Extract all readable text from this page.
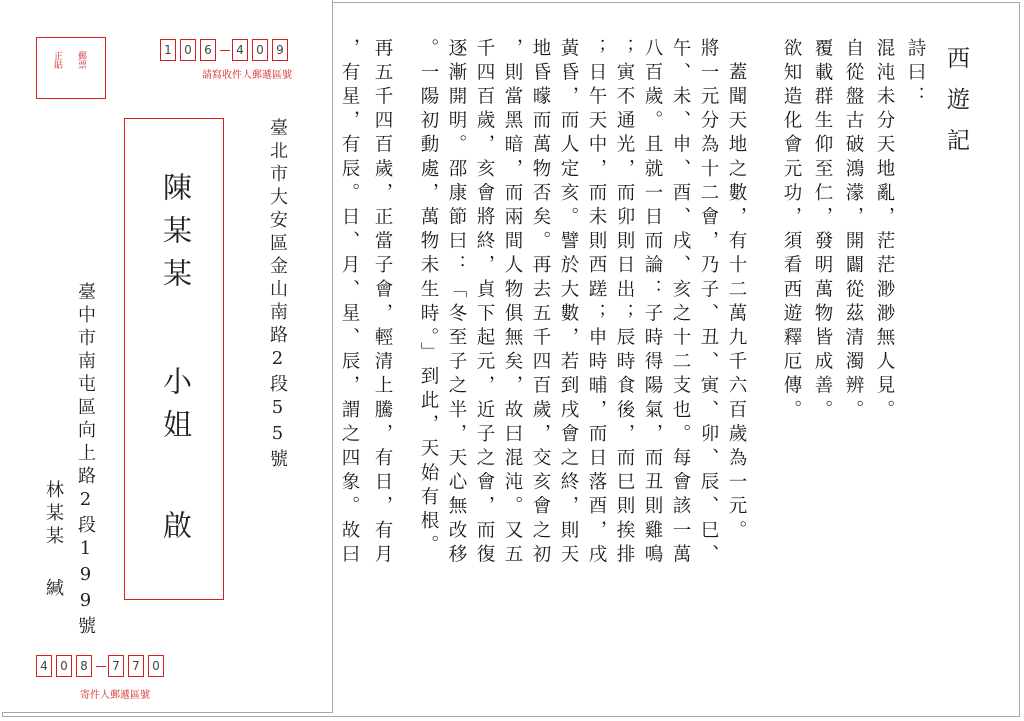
郵票
正貼
1	0	6	4	0	9
請寫收件人郵遞區號
臺北市大安區金山南路2段55號
陳某某
小姐
啟
臺中市南屯區向上路2段199號
林某某
緘
4	0	8	7	7	0
寄件人郵遞區號
西遊記
詩曰：
混沌未分天地亂，茫茫渺渺無人見。
自從盤古破鴻濛，開闢從茲清濁辨。
覆載群生仰至仁，發明萬物皆成善。
欲知造化會元功，須看西遊釋厄傳。
　蓋聞天地之數，有十二萬九千六百歲為一元。
將一元分為十二會，乃子、丑、寅、卯、辰、巳、
午、未、申、酉、戌、亥之十二支也。每會該一萬
八百歲。且就一日而論：子時得陽氣，而丑則雞鳴
；寅不通光，而卯則日出；辰時食後，而巳則挨排
；日午天中，而未則西蹉；申時晡，而日落酉，戌
黃昏，而人定亥。譬於大數，若到戌會之終，則天
地昏曚而萬物否矣。再去五千四百歲，交亥會之初
，則當黑暗，而兩間人物俱無矣，故曰混沌。又五
千四百歲，亥會將終，貞下起元，近子之會，而復
逐漸開明。邵康節曰：「冬至子之半，天心無改移
。一陽初動處，萬物未生時。」到此，天始有根。
再五千四百歲，正當子會，輕清上騰，有日，有月
，有星，有辰。日、月、星、辰，謂之四象。故曰
